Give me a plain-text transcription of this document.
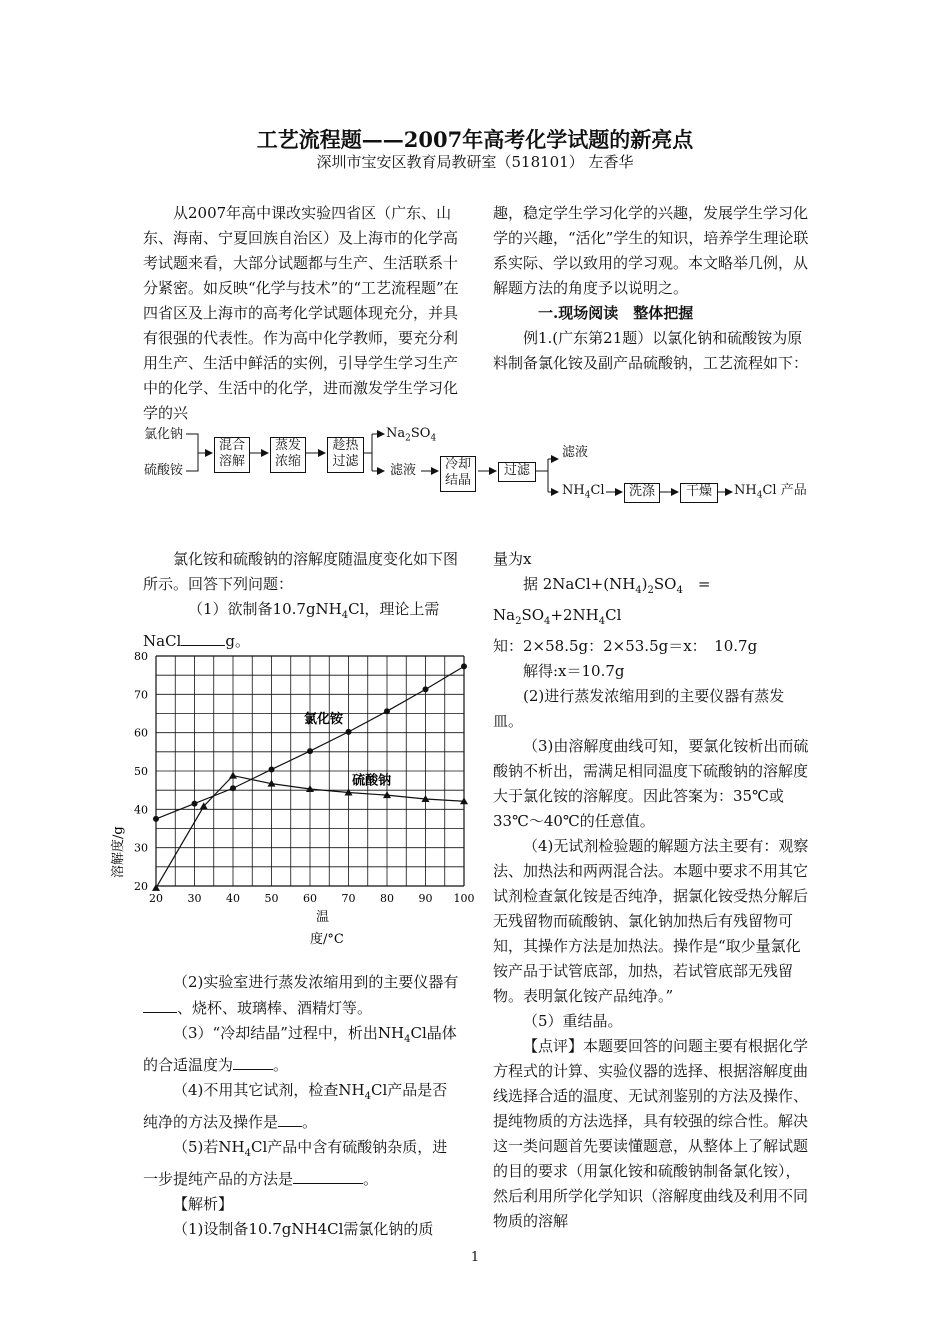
工艺流程题——2007年高考化学试题的新亮点
深圳市宝安区教育局教研室（518101） 左香华

从2007年高中课改实验四省区（广东、山东、海南、宁夏回族自治区）及上海市的化学高考试题来看，大部分试题都与生产、生活联系十分紧密。如反映“化学与技术”的“工艺流程题”在四省区及上海市的高考化学试题体现充分，并具有很强的代表性。作为高中化学教师，要充分利用生产、生活中鲜活的实例，引导学生学习生产中的化学、生活中的化学，进而激发学生学习化学的兴

趣，稳定学生学习化学的兴趣，发展学生学习化学的兴趣，“活化”学生的知识，培养学生理论联系实际、学以致用的学习观。本文略举几例，从解题方法的角度予以说明之。

一.现场阅读　整体把握

例1.(广东第21题）以氯化钠和硫酸铵为原料制备氯化铵及副产品硫酸钠，工艺流程如下：

氯化钠
硫酸铵
混合溶解
蒸发浓缩
趁热过滤
$Na_2SO_4$
滤液	冷却结晶
过滤
滤液
$NH_4Cl$	洗涤	干燥	$NH_4Cl$ 产品

氯化铵和硫酸钠的溶解度随温度变化如下图所示。回答下列问题：

（1）欲制备10.7gNH$_4$Cl，理论上需NaCl	g。

20 30 40 50 60 70 80 90 100
20
30
40
50
60
70
80
氯化铵
硫酸钠
溶解度/g
温
度/°C

（2)实验室进行蒸发浓缩用到的主要仪器有、烧杯、玻璃棒、酒精灯等。

（3）“冷却结晶”过程中，析出$NH_4Cl$晶体的合适温度为	。

（4)不用其它试剂，检查$NH_4Cl$产品是否纯净的方法及操作是 。

（5)若$NH_4Cl$产品中含有硫酸钠杂质，进一步提纯产品的方法是	。

【解析】

（1)设制备10.7gNH4Cl需氯化钠的质

量为x

据 $2NaCl+(NH_4)_2SO_4$　= $Na_2SO_4+2NH_4Cl$

知：2×58.5g：2×53.5g＝x：　10.7g

解得:x＝10.7g

(2)进行蒸发浓缩用到的主要仪器有蒸发皿。

（3)由溶解度曲线可知，要氯化铵析出而硫酸钠不析出，需满足相同温度下硫酸钠的溶解度大于氯化铵的溶解度。因此答案为：35℃或33℃～40℃的任意值。

（4)无试剂检验题的解题方法主要有：观察法、加热法和两两混合法。本题中要求不用其它试剂检查氯化铵是否纯净，据氯化铵受热分解后无残留物而硫酸钠、氯化钠加热后有残留物可知，其操作方法是加热法。操作是“取少量氯化铵产品于试管底部，加热，若试管底部无残留物。表明氯化铵产品纯净。”

（5）重结晶。

【点评】本题要回答的问题主要有根据化学方程式的计算、实验仪器的选择、根据溶解度曲线选择合适的温度、无试剂鉴别的方法及操作、提纯物质的方法选择，具有较强的综合性。解决这一类问题首先要读懂题意，从整体上了解试题的目的要求（用氯化铵和硫酸钠制备氯化铵），然后利用所学化学知识（溶解度曲线及利用不同物质的溶解

1
